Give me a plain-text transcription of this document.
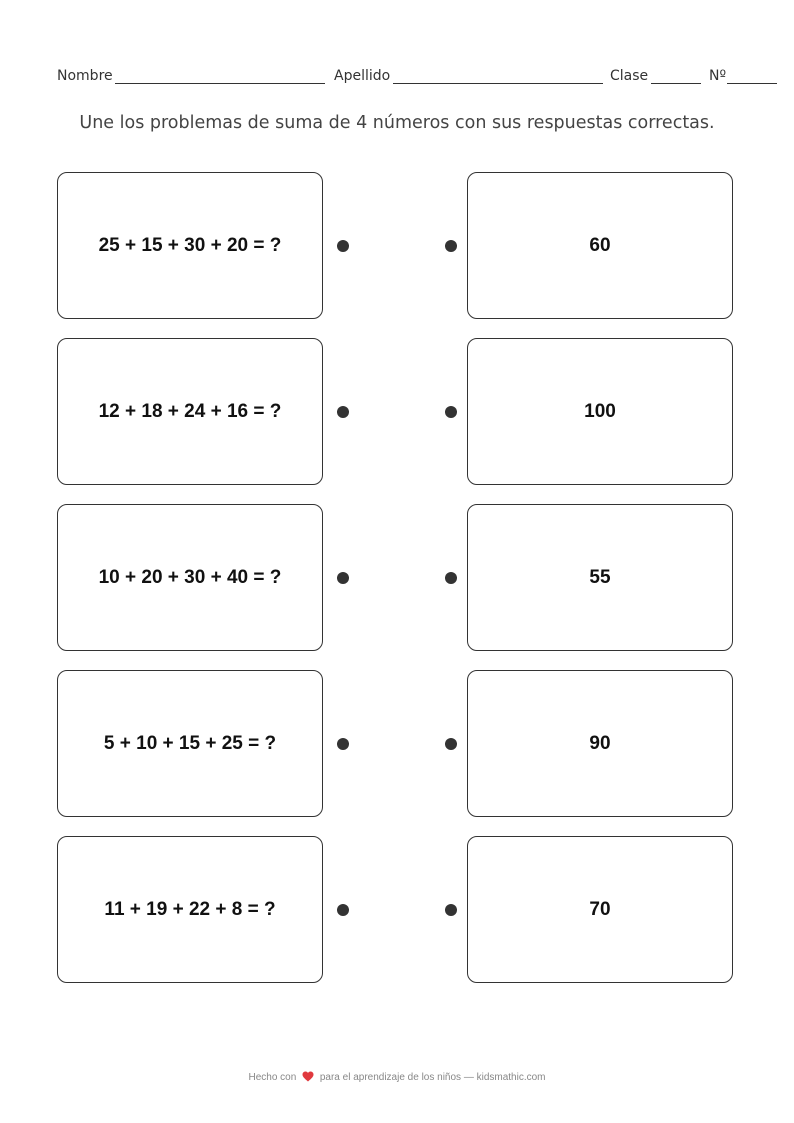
Nombre	Apellido	Clase	Nº
Une los problemas de suma de 4 números con sus respuestas correctas.
25 + 15 + 30 + 20 = ?	60
12 + 18 + 24 + 16 = ?	100
10 + 20 + 30 + 40 = ?	55
5 + 10 + 15 + 25 = ?	90
11 + 19 + 22 + 8 = ?	70
Hecho con para el aprendizaje de los niños — kidsmathic.com
